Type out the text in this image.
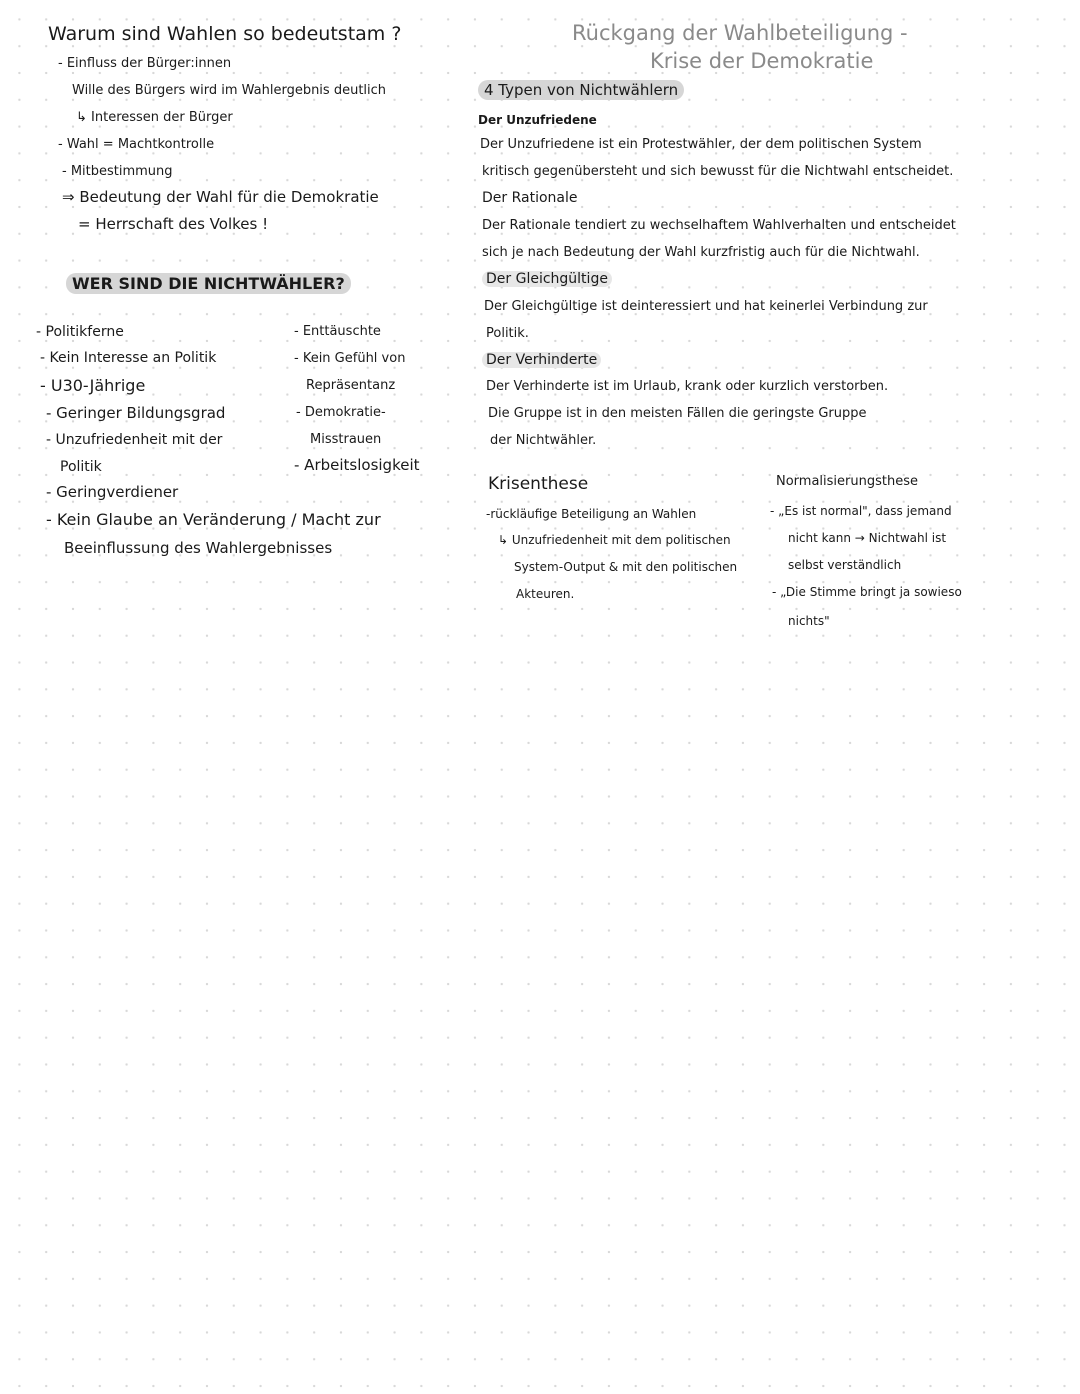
Warum sind Wahlen so bedeutstam ?
- Einfluss der Bürger:innen
Wille des Bürgers wird im Wahlergebnis deutlich
↳ Interessen der Bürger
- Wahl = Machtkontrolle
- Mitbestimmung
⇒ Bedeutung der Wahl für die Demokratie
= Herrschaft des Volkes !
WER SIND DIE NICHTWÄHLER?
- Politikferne
- Kein Interesse an Politik
- U30-Jährige
- Geringer Bildungsgrad
- Unzufriedenheit mit der
Politik
- Geringverdiener
- Kein Glaube an Veränderung / Macht zur
Beeinflussung des Wahlergebnisses
- Enttäuschte
- Kein Gefühl von
Repräsentanz
- Demokratie-
Misstrauen
- Arbeitslosigkeit
Rückgang der Wahlbeteiligung -
Krise der Demokratie
4 Typen von Nichtwählern
Der Unzufriedene
Der Unzufriedene ist ein Protestwähler, der dem politischen System
kritisch gegenübersteht und sich bewusst für die Nichtwahl entscheidet.
Der Rationale
Der Rationale tendiert zu wechselhaftem Wahlverhalten und entscheidet
sich je nach Bedeutung der Wahl kurzfristig auch für die Nichtwahl.
Der Gleichgültige
Der Gleichgültige ist deinteressiert und hat keinerlei Verbindung zur
Politik.
Der Verhinderte
Der Verhinderte ist im Urlaub, krank oder kurzlich verstorben.
Die Gruppe ist in den meisten Fällen die geringste Gruppe
der Nichtwähler.
Krisenthese
-rückläufige Beteiligung an Wahlen
↳ Unzufriedenheit mit dem politischen
System-Output & mit den politischen
Akteuren.
Normalisierungsthese
- „Es ist normal", dass jemand
nicht kann → Nichtwahl ist
selbst verständlich
- „Die Stimme bringt ja sowieso
nichts"
